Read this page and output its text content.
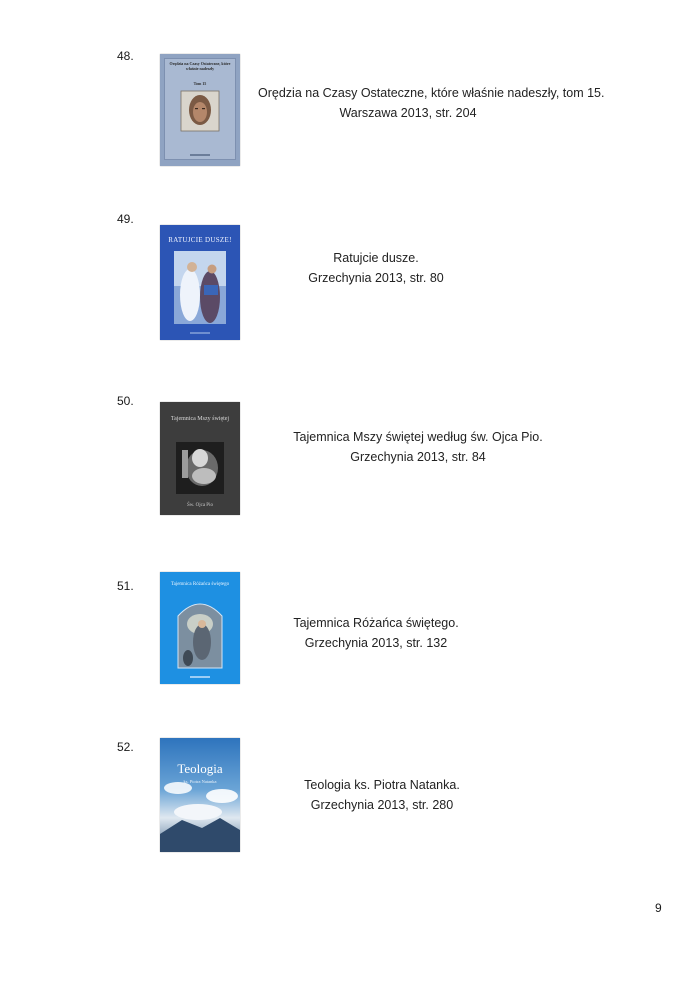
48.
Orędzia na Czasy Ostateczne, które właśnie nadeszły
Tom 15
Orędzia na Czasy Ostateczne, które właśnie nadeszły, tom 15.
Warszawa 2013, str. 204
49.
RATUJCIE DUSZE!
Ratujcie dusze.
Grzechynia 2013, str. 80
50.
Tajemnica Mszy świętej
Św. Ojca Pio
Tajemnica Mszy świętej według św. Ojca Pio.
Grzechynia 2013, str. 84
51.	Tajemnica Różańca świętego
Tajemnica Różańca świętego.
Grzechynia 2013, str. 132
52.
Teologia
ks. Piotra Natanka	Teologia ks. Piotra Natanka.
Grzechynia 2013, str. 280
9
